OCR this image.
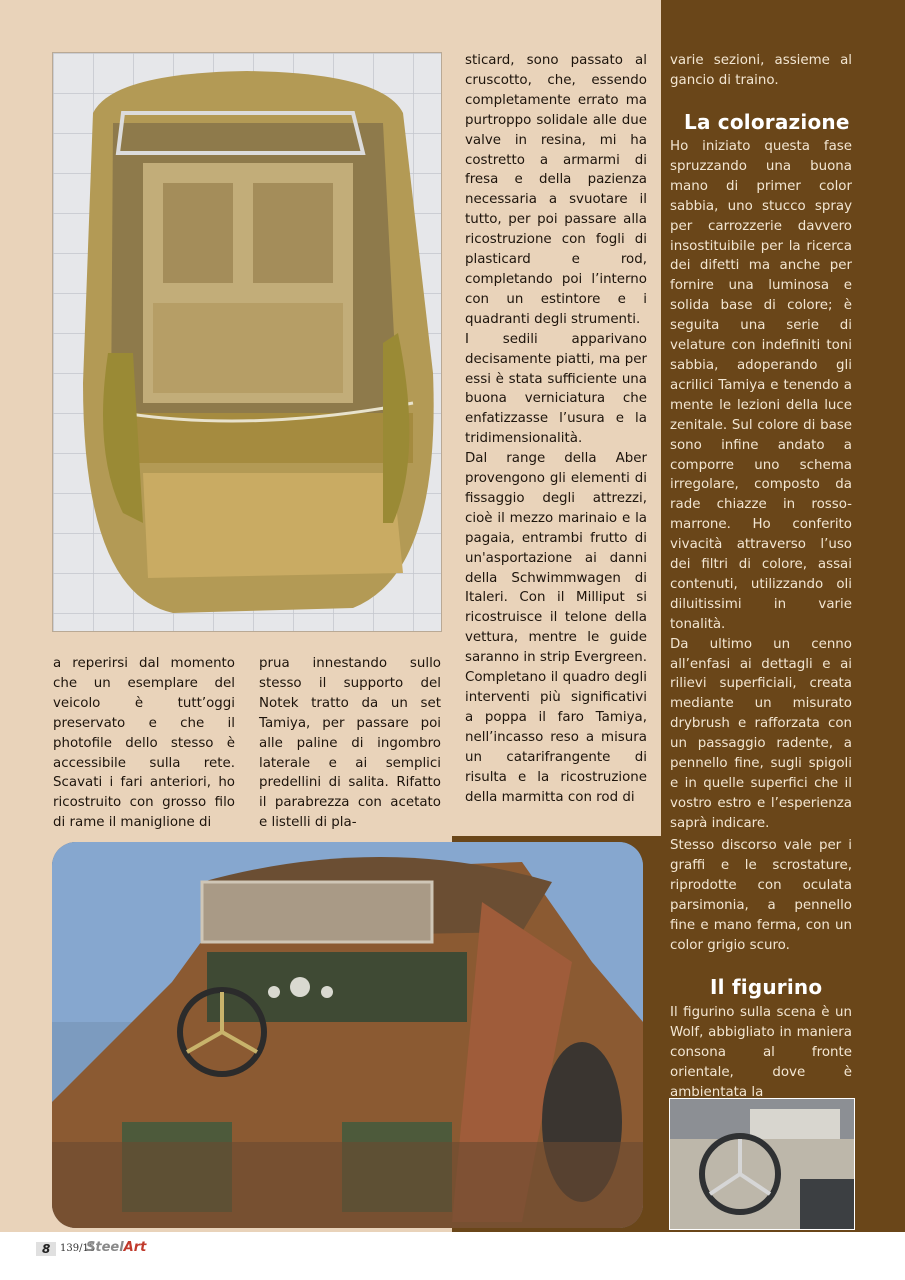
a reperirsi dal momento che un esemplare del veicolo è tutt’oggi preservato e che il photofile dello stesso è accessibile sulla rete. Scavati i fari anteriori, ho ricostruito con grosso filo di rame il maniglione di

prua innestando sullo stesso il supporto del Notek tratto da un set Tamiya, per passare poi alle paline di ingombro laterale e ai semplici predellini di salita. Rifatto il parabrezza con acetato e listelli di pla-

sticard, sono passato al cruscotto, che, essendo completamente errato ma purtroppo solidale alle due valve in resina, mi ha costretto a armarmi di fresa e della pazienza necessaria a svuotare il tutto, per poi passare alla ricostruzione con fogli di plasticard e rod, completando poi l’interno con un estintore e i quadranti degli strumenti.

I sedili apparivano decisamente piatti, ma per essi è stata sufficiente una buona verniciatura che enfatizzasse l’usura e la tridimensionalità.

Dal range della Aber provengono gli elementi di fissaggio degli attrezzi, cioè il mezzo marinaio e la pagaia, entrambi frutto di un'asportazione ai danni della Schwimmwagen di Italeri. Con il Milliput si ricostruisce il telone della vettura, mentre le guide saranno in strip Evergreen. Completano il quadro degli interventi più significativi a poppa il faro Tamiya, nell’incasso reso a misura un catarifrangente di risulta e la ricostruzione della marmitta con rod di

varie sezioni, assieme al gancio di traino.

La colorazione

Ho iniziato questa fase spruzzando una buona mano di primer color sabbia, uno stucco spray per carrozzerie davvero insostituibile per la ricerca dei difetti ma anche per fornire una luminosa e solida base di colore; è seguita una serie di velature con indefiniti toni sabbia, adoperando gli acrilici Tamiya e tenendo a mente le lezioni della luce zenitale. Sul colore di base sono infine andato a comporre uno schema irregolare, composto da rade chiazze in rosso-marrone. Ho conferito vivacità attraverso l’uso dei filtri di colore, assai contenuti, utilizzando oli diluitissimi in varie tonalità.

Da ultimo un cenno all’enfasi ai dettagli e ai rilievi superficiali, creata mediante un misurato drybrush e rafforzata con un passaggio radente, a pennello fine, sugli spigoli e in quelle superfici che il vostro estro e l’esperienza saprà indicare.

Stesso discorso vale per i graffi e le scrostature, riprodotte con oculata parsimonia, a pennello fine e mano ferma, con un color grigio scuro.

Il figurino

Il figurino sulla scena è un Wolf, abbigliato in maniera consona al fronte orientale, dove è ambientata la

8 139/15
SteelArt
